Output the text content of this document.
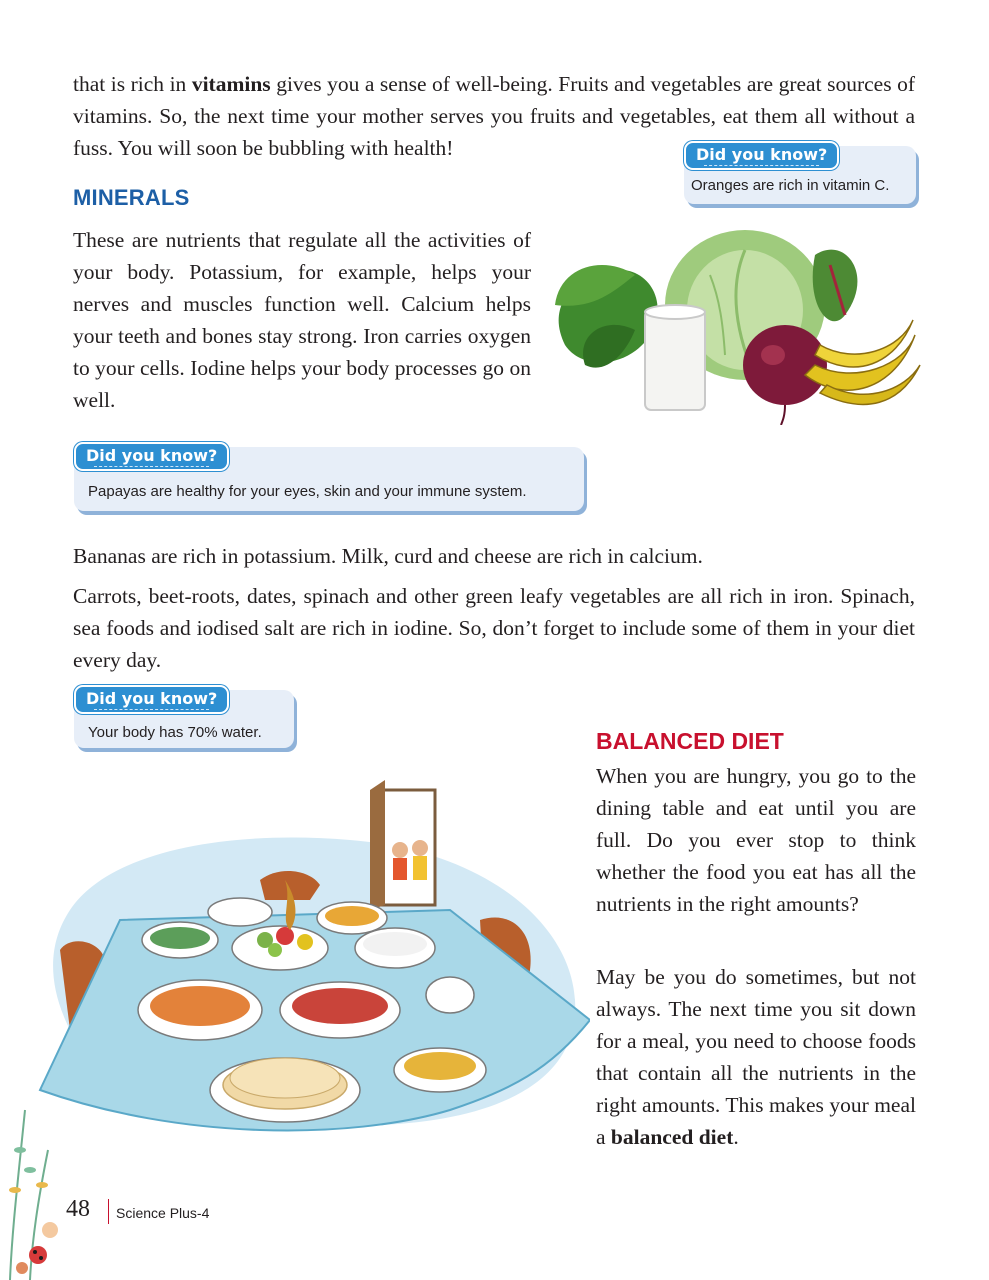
that is rich in vitamins gives you a sense of well-being. Fruits and vegetables are great sources of vitamins. So, the next time your mother serves you fruits and vegetables, eat them all without a fuss. You will soon be bubbling with health!

Oranges are rich in vitamin C.
Did you know?
MINERALS

These are nutrients that regulate all the activities of your body. Potassium, for example, helps your nerves and muscles function well. Calcium helps your teeth and bones stay strong. Iron carries oxygen to your cells. Iodine helps your body processes go on well.

Papayas are healthy for your eyes, skin and your immune system.
Did you know?

Bananas are rich in potassium. Milk, curd and cheese are rich in calcium.

Carrots, beet-roots, dates, spinach and other green leafy vegetables are all rich in iron. Spinach, sea foods and iodised salt are rich in iodine. So, don’t forget to include some of them in your diet every day.

Your body has 70% water.
Did you know?
BALANCED DIET

When you are hungry, you go to the dining table and eat until you are full. Do you ever stop to think whether the food you eat has all the nutrients in the right amounts?

May be you do sometimes, but not always. The next time you sit down for a meal, you need to choose foods that contain all the nutrients in the right amounts. This makes your meal a balanced diet.

48 Science Plus-4
